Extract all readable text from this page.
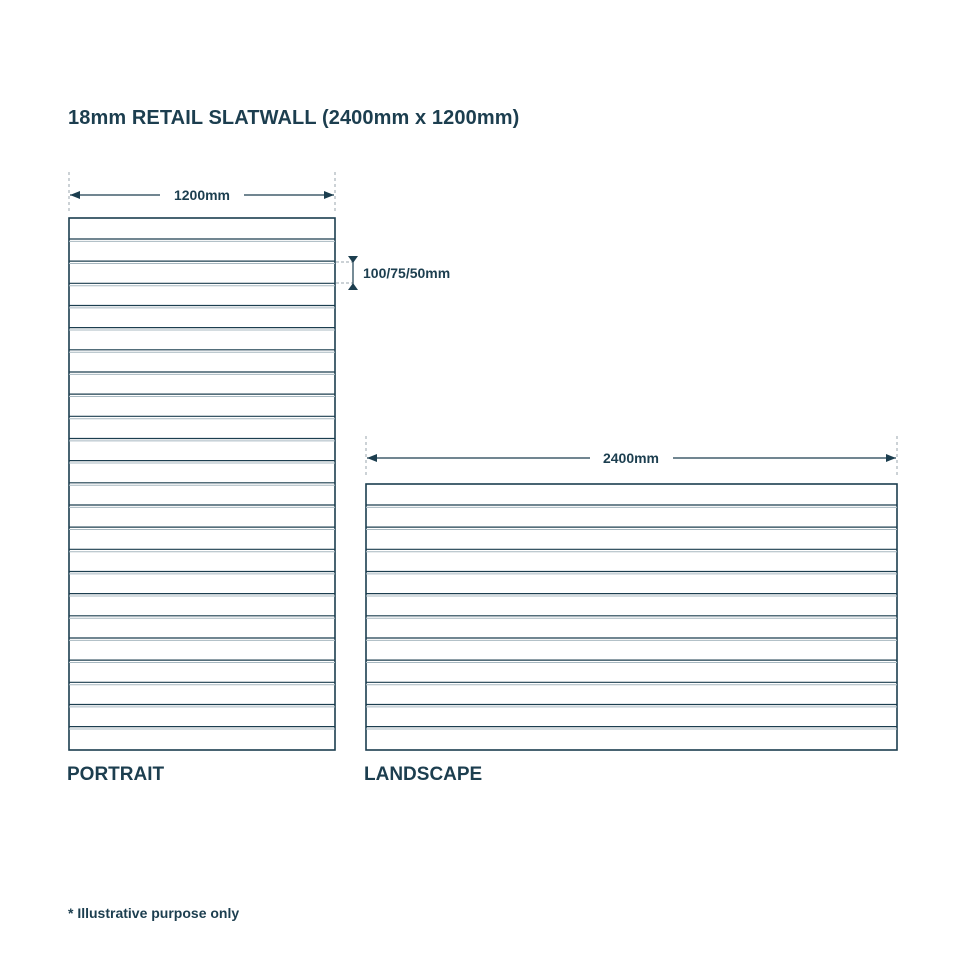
18mm RETAIL SLATWALL (2400mm x 1200mm)
1200mm
100/75/50mm
2400mm
PORTRAIT	LANDSCAPE
* Illustrative purpose only
